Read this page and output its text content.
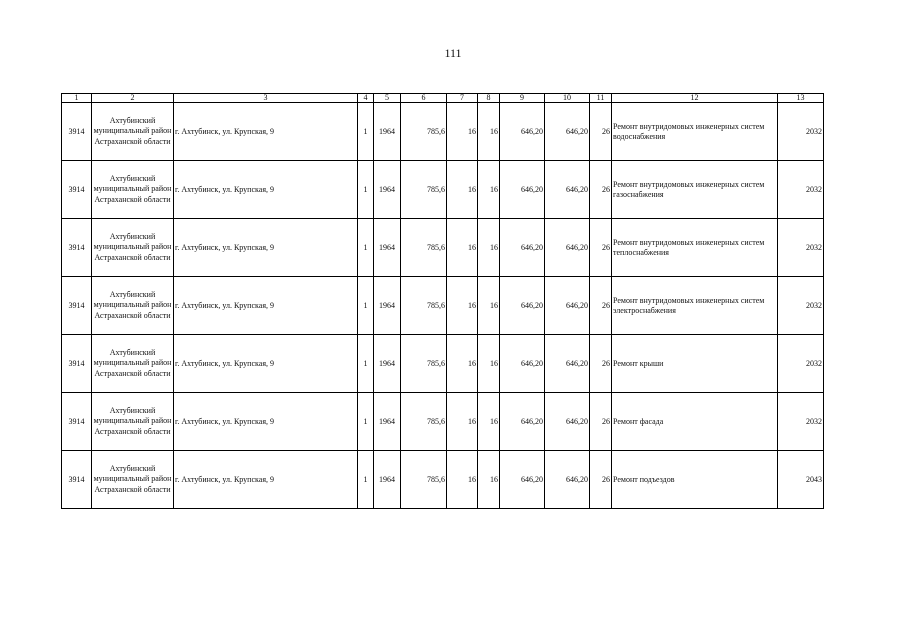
111
1	2	3	4	5	6	7	8	9	10	11	12	13
3914	Ахтубинский муниципальный район Астраханской области	г. Ахтубинск, ул. Крупская, 9	1	1964	785,6	16	16	646,20	646,20	26	Ремонт внутридомовых инженерных систем водоснабжения	2032
3914	Ахтубинский муниципальный район Астраханской области	г. Ахтубинск, ул. Крупская, 9	1	1964	785,6	16	16	646,20	646,20	26	Ремонт внутридомовых инженерных систем газоснабжения	2032
3914	Ахтубинский муниципальный район Астраханской области	г. Ахтубинск, ул. Крупская, 9	1	1964	785,6	16	16	646,20	646,20	26	Ремонт внутридомовых инженерных систем теплоснабжения	2032
3914	Ахтубинский муниципальный район Астраханской области	г. Ахтубинск, ул. Крупская, 9	1	1964	785,6	16	16	646,20	646,20	26	Ремонт внутридомовых инженерных систем электроснабжения	2032
3914	Ахтубинский муниципальный район Астраханской области	г. Ахтубинск, ул. Крупская, 9	1	1964	785,6	16	16	646,20	646,20	26	Ремонт крыши	2032
3914	Ахтубинский муниципальный район Астраханской области	г. Ахтубинск, ул. Крупская, 9	1	1964	785,6	16	16	646,20	646,20	26	Ремонт фасада	2032
3914	Ахтубинский муниципальный район Астраханской области	г. Ахтубинск, ул. Крупская, 9	1	1964	785,6	16	16	646,20	646,20	26	Ремонт подъездов	2043
